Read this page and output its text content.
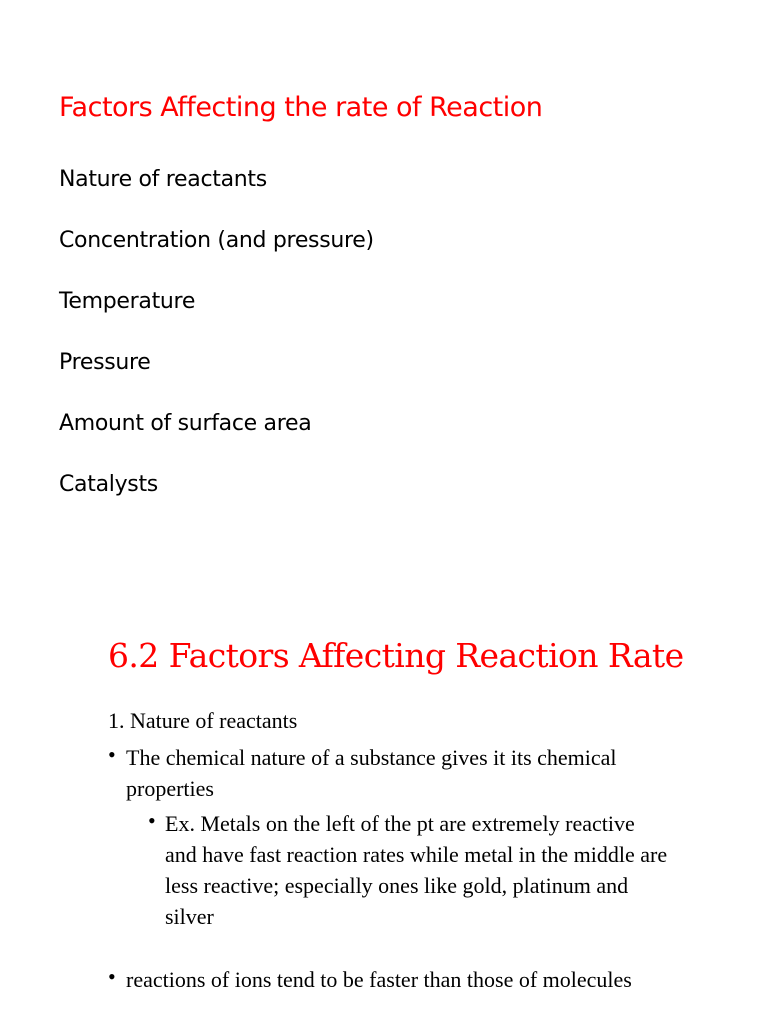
Factors Affecting the rate of Reaction
Nature of reactants
Concentration (and pressure)
Temperature
Pressure
Amount of surface area
Catalysts
6.2 Factors Affecting Reaction Rate
1. Nature of reactants
• The chemical nature of a substance gives it its chemical properties
• Ex. Metals on the left of the pt are extremely reactive and have fast reaction rates while metal in the middle are less reactive; especially ones like gold, platinum and silver
• reactions of ions tend to be faster than those of molecules
